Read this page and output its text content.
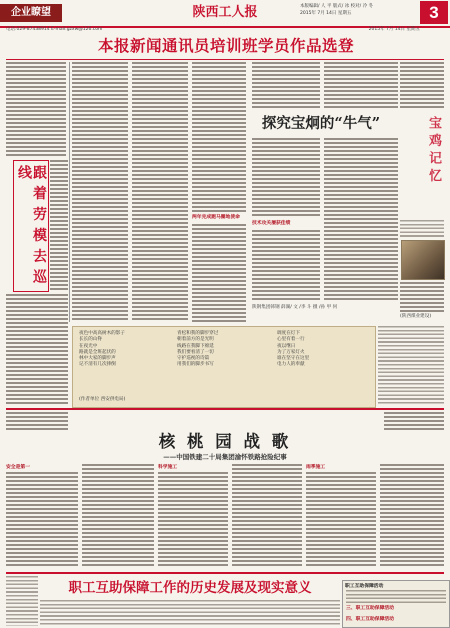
企业瞭望	陕西工人报	本版编辑/ 人 平 版式/ 冰 校对/ 冷 冬
2015年 7月 14日 星期五	3
电话:029-87438914 E-mail:gzxw@126.com	2015年 7月 14日 星期五
本报新闻通讯员培训班学员作品选登
跟 着 劳 模 去 巡 线
两年完成跑马圈地使命
探究宝炯的“牛气”
技术攻关屡获佳绩
陕钢集团韩钢 薛湖/ 文 /李 斗 摄 /孙 甲 何
宝 鸡 记 忆
(陕西煤业建设)
夜色中高高树木的影子
长长的山脊
在夜光中
路就是全班起伏的
林中大家的脚步声
记不清有几次摔倒
青松和我的脚步穿过
朝着前方的是光明
线路在我脚下绵延
我们要看清了一切
守护巡视的诗篇
用我们的脚步书写
调度在灯下
心里有着一行
夜以继日
为了万家灯火
谁在坚守在这里
电力人的奉献
(作者单位 西安供电局)
核 桃 园 战 歌
——中国铁建二十局集团渝怀铁路抢险纪事
安全是第一	科学施工	雨季施工
职工互助保障工作的历史发展及现实意义	职工互助保障活动
三、职工互助保障活动
四、职工互助保障活动
